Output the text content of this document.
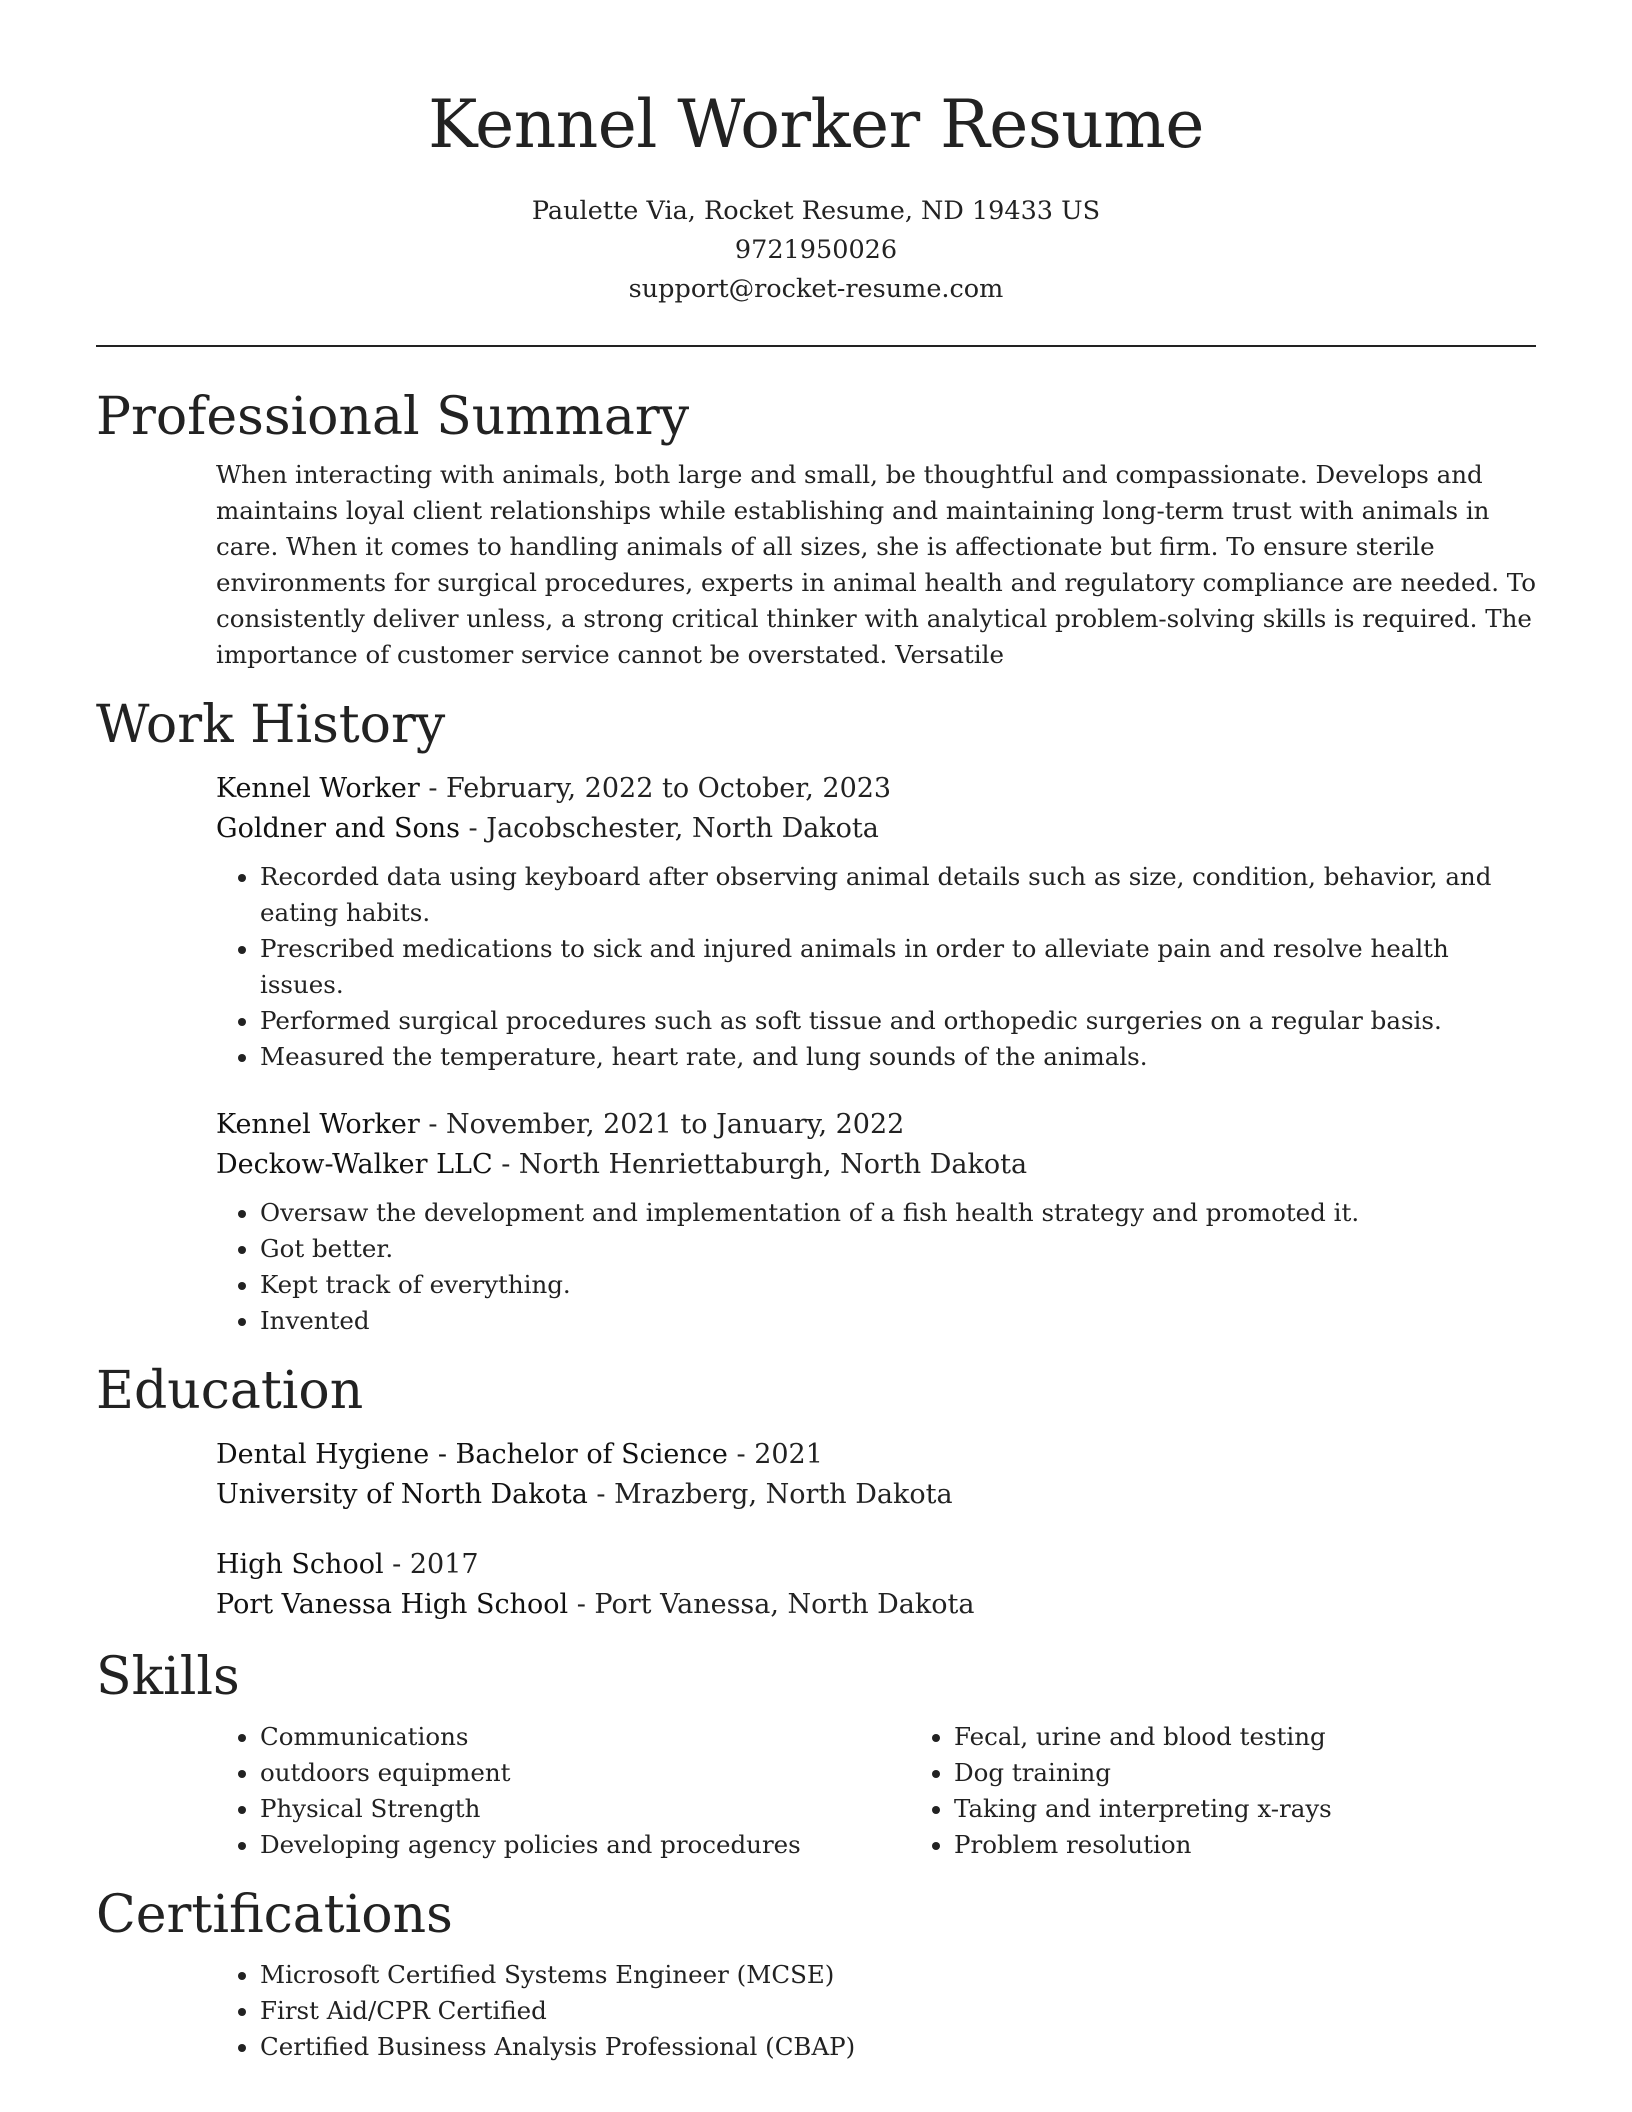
Kennel Worker Resume
Paulette Via, Rocket Resume, ND 19433 US
9721950026
support@rocket-resume.com
Professional Summary

When interacting with animals, both large and small, be thoughtful and compassionate. Develops and maintains loyal client relationships while establishing and maintaining long-term trust with animals in care. When it comes to handling animals of all sizes, she is affectionate but firm. To ensure sterile environments for surgical procedures, experts in animal health and regulatory compliance are needed. To consistently deliver unless, a strong critical thinker with analytical problem-solving skills is required. The importance of customer service cannot be overstated. Versatile

Work History
Kennel Worker - February, 2022 to October, 2023
Goldner and Sons - Jacobschester, North Dakota
• Recorded data using keyboard after observing animal details such as size, condition, behavior, and eating habits.
• Prescribed medications to sick and injured animals in order to alleviate pain and resolve health issues.
• Performed surgical procedures such as soft tissue and orthopedic surgeries on a regular basis.
• Measured the temperature, heart rate, and lung sounds of the animals.
Kennel Worker - November, 2021 to January, 2022
Deckow-Walker LLC - North Henriettaburgh, North Dakota
• Oversaw the development and implementation of a fish health strategy and promoted it.
• Got better.
• Kept track of everything.
• Invented
Education
Dental Hygiene - Bachelor of Science - 2021
University of North Dakota - Mrazberg, North Dakota
High School - 2017
Port Vanessa High School - Port Vanessa, North Dakota
Skills
• Communications
• outdoors equipment
• Physical Strength
• Developing agency policies and procedures
• Fecal, urine and blood testing
• Dog training
• Taking and interpreting x-rays
• Problem resolution
Certifications
• Microsoft Certified Systems Engineer (MCSE)
• First Aid/CPR Certified
• Certified Business Analysis Professional (CBAP)
